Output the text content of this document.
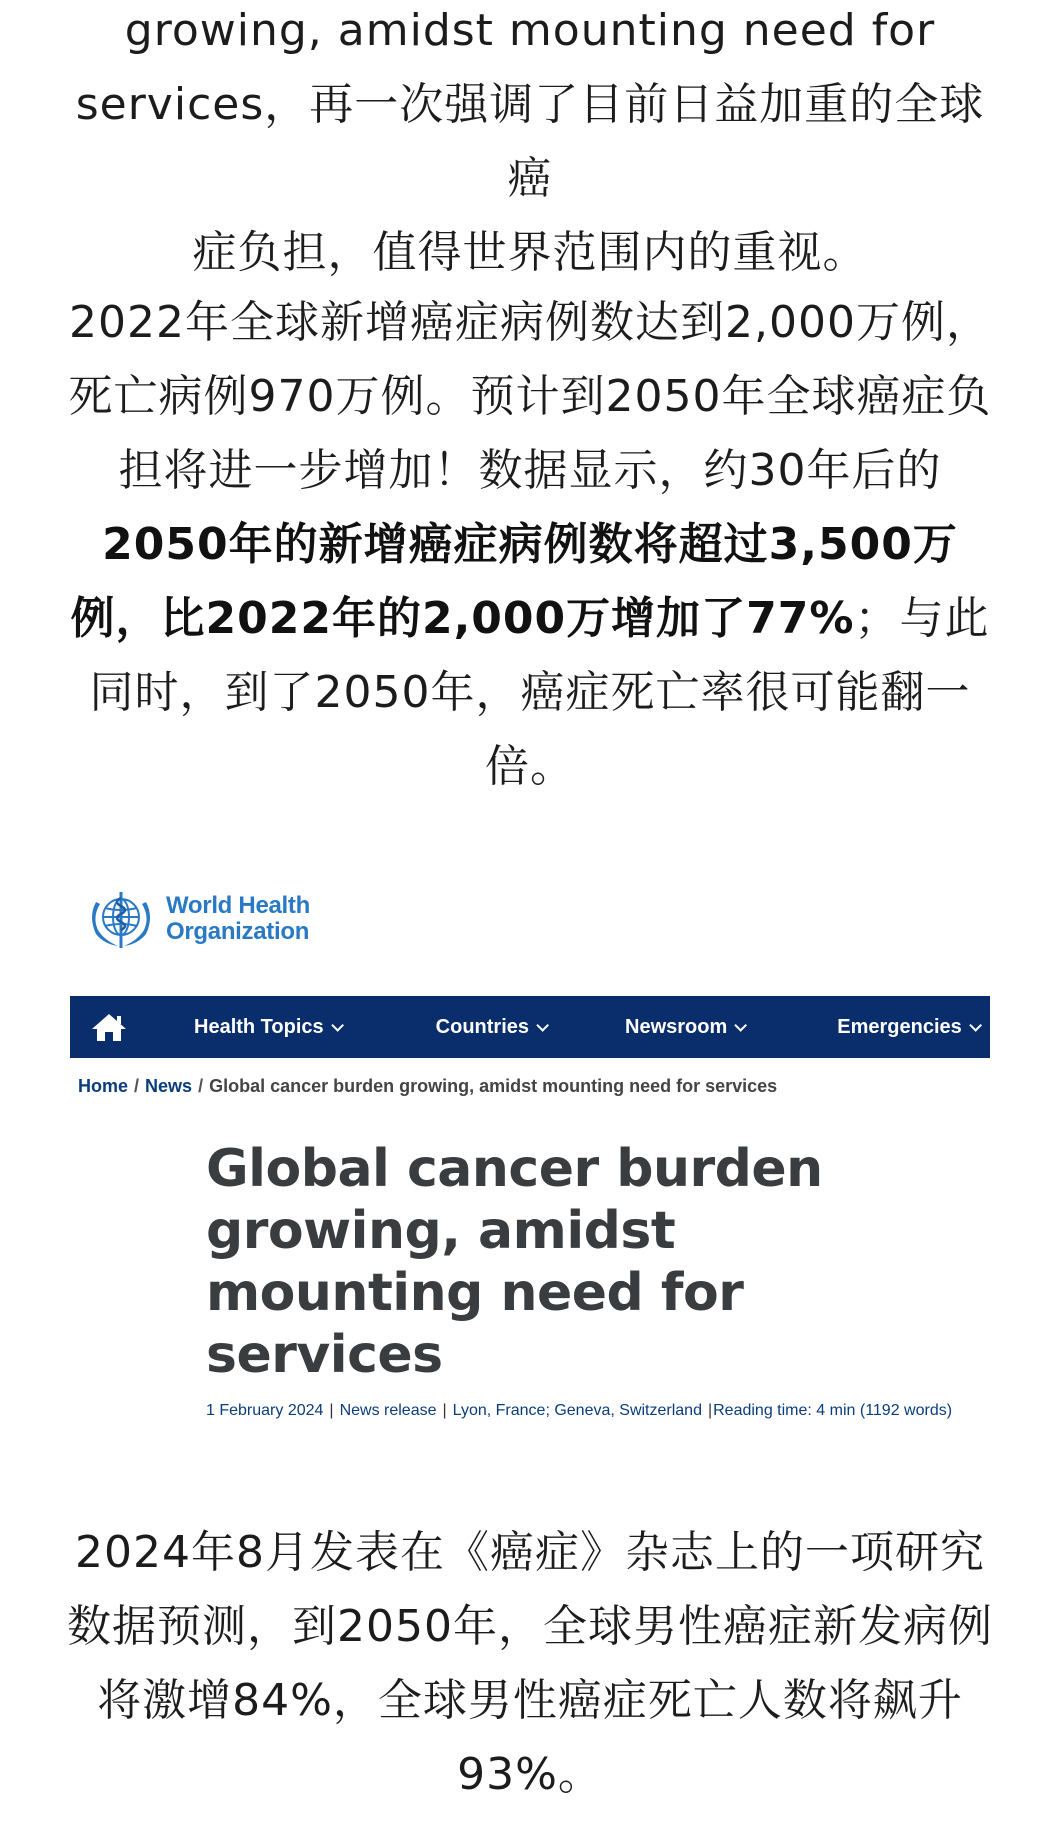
growing, amidst mounting need for
services，再一次强调了目前日益加重的全球癌
症负担，值得世界范围内的重视。
2022年全球新增癌症病例数达到2,000万例，死亡病例970万例。预计到2050年全球癌症负担将进一步增加！数据显示，约30年后的2050年的新增癌症病例数将超过3,500万例，比2022年的2,000万增加了77%；与此同时，到了2050年，癌症死亡率很可能翻一倍。
World Health
Organization
Health Topics	Countries	Newsroom	Emergencies
Home / News / Global cancer burden growing, amidst mounting need for services
Global cancer burden growing, amidst mounting need for services
1 February 2024 | News release | Lyon, France; Geneva, Switzerland |Reading time: 4 min (1192 words)
2024年8月发表在《癌症》杂志上的一项研究数据预测，到2050年，全球男性癌症新发病例将激增84%，全球男性癌症死亡人数将飙升93%。
